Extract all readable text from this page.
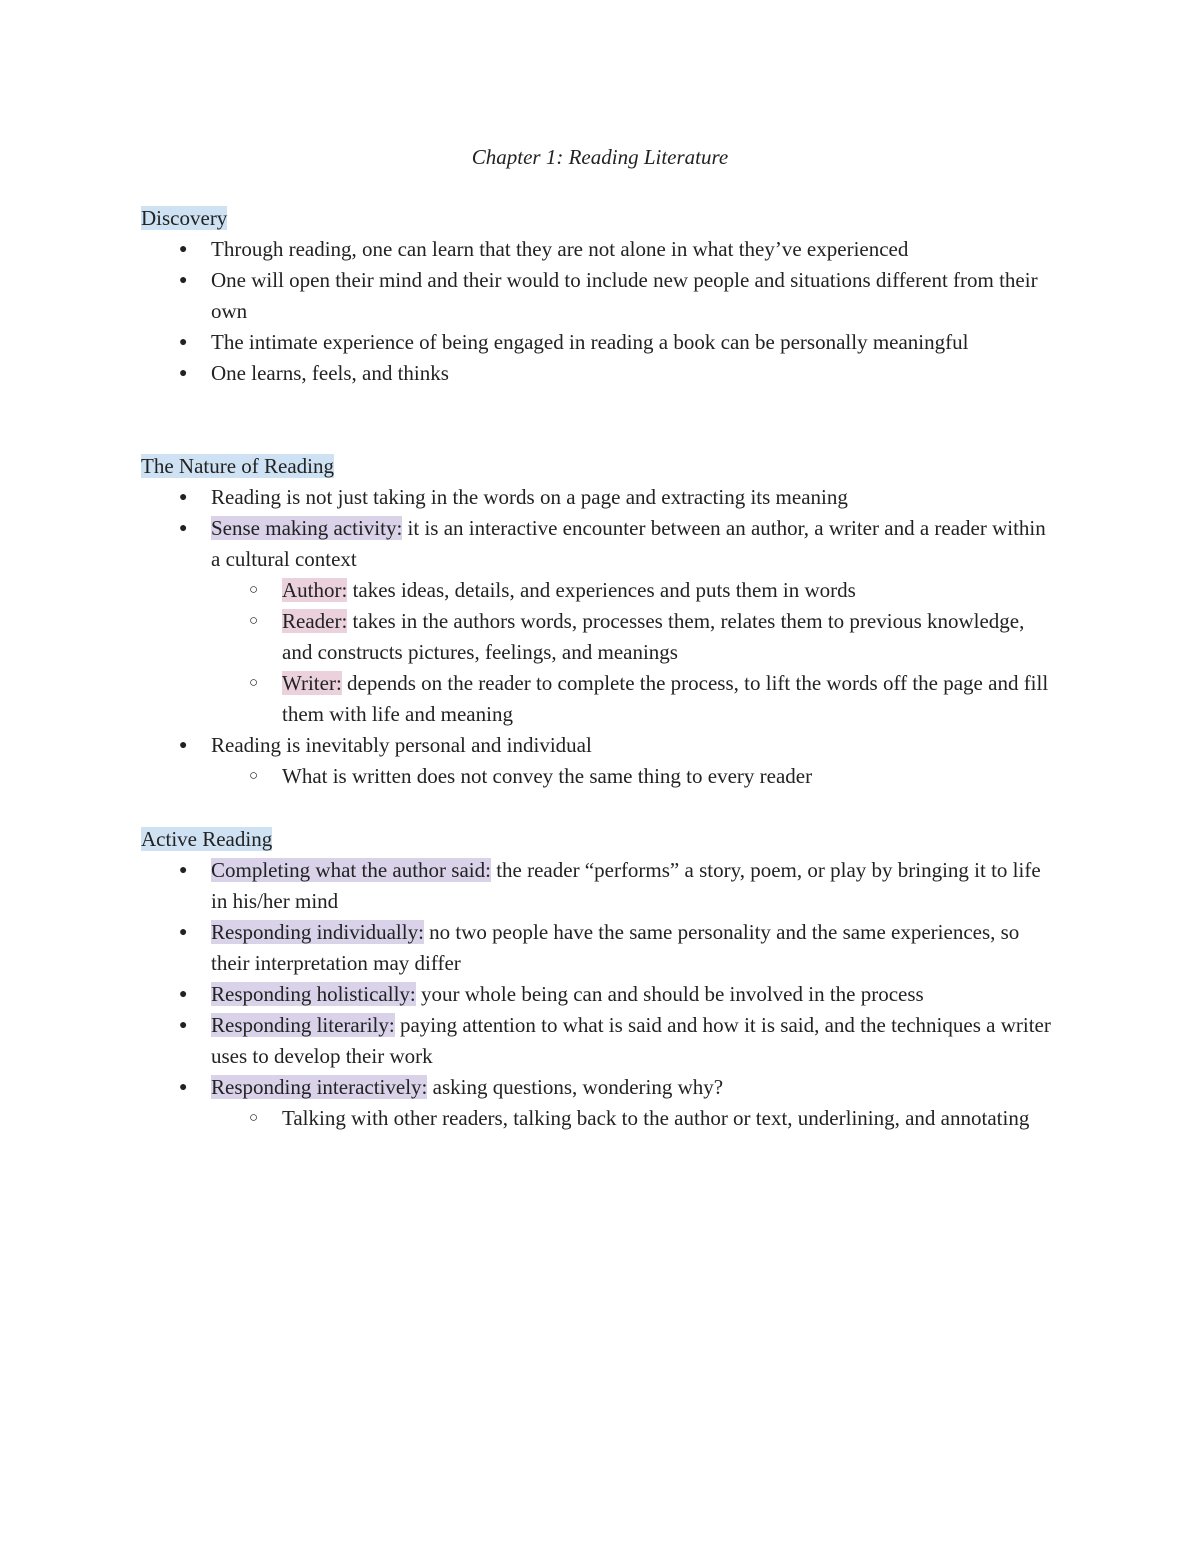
Chapter 1: Reading Literature
Discovery
●	Through reading, one can learn that they are not alone in what they’ve experienced
●	One will open their mind and their would to include new people and situations different from their own
●	The intimate experience of being engaged in reading a book can be personally meaningful
●	One learns, feels, and thinks
The Nature of Reading
●	Reading is not just taking in the words on a page and extracting its meaning
●	Sense making activity: it is an interactive encounter between an author, a writer and a reader within a cultural context
○	Author: takes ideas, details, and experiences and puts them in words
○	Reader: takes in the authors words, processes them, relates them to previous knowledge, and constructs pictures, feelings, and meanings
○	Writer: depends on the reader to complete the process, to lift the words off the page and fill them with life and meaning
●	Reading is inevitably personal and individual
○	What is written does not convey the same thing to every reader
Active Reading
●	Completing what the author said: the reader “performs” a story, poem, or play by bringing it to life in his/her mind
●	Responding individually: no two people have the same personality and the same experiences, so their interpretation may differ
●	Responding holistically: your whole being can and should be involved in the process
●	Responding literarily: paying attention to what is said and how it is said, and the techniques a writer uses to develop their work
●	Responding interactively: asking questions, wondering why?
○	Talking with other readers, talking back to the author or text, underlining, and annotating
